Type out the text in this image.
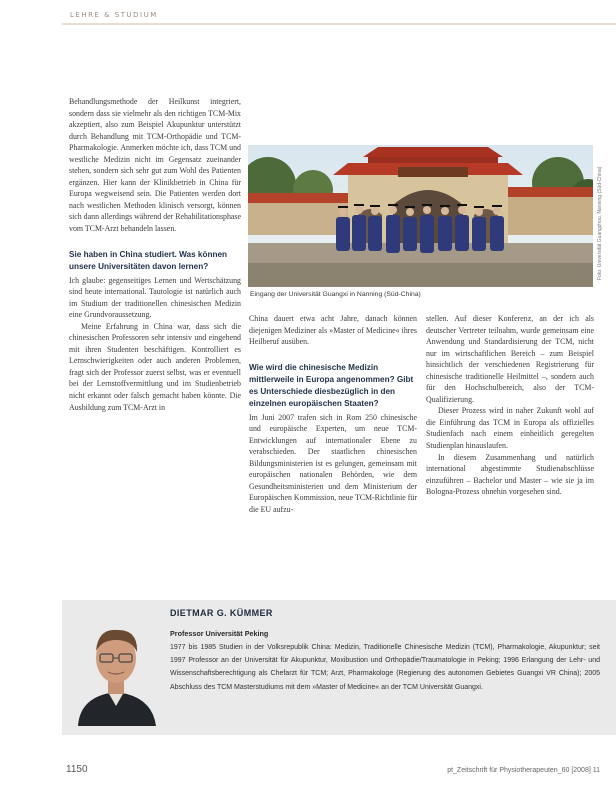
LEHRE & STUDIUM
Behandlungsmethode der Heilkunst integriert, sondern dass sie vielmehr als den richtigen TCM-Mix akzeptiert, also zum Beispiel Akupunktur unterstützt durch Behandlung mit TCM-Orthopädie und TCM-Pharmakologie. Anmerken möchte ich, dass TCM und westliche Medizin nicht im Gegensatz zueinander stehen, sondern sich sehr gut zum Wohl des Patienten ergänzen. Hier kann der Klinikbetrieb in China für Europa wegweisend sein. Die Patienten werden dort nach westlichen Methoden klinisch versorgt, können sich dann allerdings während der Rehabilitationsphase vom TCM-Arzt behandeln lassen.
Sie haben in China studiert. Was können unsere Universitäten davon lernen?
Ich glaube: gegenseitiges Lernen und Wertschätzung sind heute international. Tautologie ist natürlich auch im Studium der traditionellen chinesischen Medizin eine Grundvoraussetzung.
Meine Erfahrung in China war, dass sich die chinesischen Professoren sehr intensiv und eingehend mit ihren Studenten beschäftigen. Kontrolliert es Lernschwierigkeiten oder auch anderen Problemen, fragt sich der Professor zuerst selbst, was er eventuell bei der Lernstoffvermittlung und im Studienbetrieb nicht erkannt oder falsch gemacht haben könnte. Die Ausbildung zum TCM-Arzt in
Foto: Universität Guangzhou, Nanning (Süd-China)
Eingang der Universität Guangxi in Nanning (Süd-China)
China dauert etwa acht Jahre, danach können diejenigen Mediziner als »Master of Medicine« ihres Heilberuf ausüben.
Wie wird die chinesische Medizin mittlerweile in Europa angenommen? Gibt es Unterschiede diesbezüglich in den einzelnen europäischen Staaten?
Im Juni 2007 trafen sich in Rom 250 chinesische und europäische Experten, um neue TCM-Entwicklungen auf internationaler Ebene zu verabschieden. Der staatlichen chinesischen Bildungsministerien ist es gelungen, gemeinsam mit europäischen nationalen Behörden, wie dem Gesundheitsministerien und dem Ministerium der Europäischen Kommission, neue TCM-Richtlinie für die EU aufzu-
stellen. Auf dieser Konferenz, an der ich als deutscher Vertreter teilnahm, wurde gemeinsam eine Anwendung und Standardisierung der TCM, nicht nur im wirtschaftlichen Bereich – zum Beispiel hinsichtlich der verschiedenen Registrierung für chinesische traditionelle Heilmittel –, sondern auch für den Hochschulbereich, also der TCM-Qualifizierung.
Dieser Prozess wird in naher Zukunft wohl auf die Einführung das TCM in Europa als offizielles Studienfach nach einem einheitlich geregelten Studienplan hinauslaufen.
In diesem Zusammenhang und natürlich international abgestimmte Studienabschlüsse einzuführen – Bachelor und Master – wie sie ja im Bologna-Prozess ohnehin vorgesehen sind.
DIETMAR G. KÜMMER
Professor Universität Peking
1977 bis 1985 Studien in der Volksrepublik China: Medizin, Traditionelle Chinesische Medizin (TCM), Pharmakologie, Akupunktur; seit 1997 Professor an der Universität für Akupunktur, Moxibustion und Orthopädie/Traumatologie in Peking; 1996 Erlangung der Lehr- und Wissenschaftsberechtigung als Chefarzt für TCM; Arzt, Pharmakologe (Regierung des autonomen Gebietes Guangxi VR China); 2005 Abschluss des TCM Masterstudiums mit dem »Master of Medicine« an der TCM Universität Guangxi.
1150	pt_Zeitschrift für Physiotherapeuten_60 [2008] 11
